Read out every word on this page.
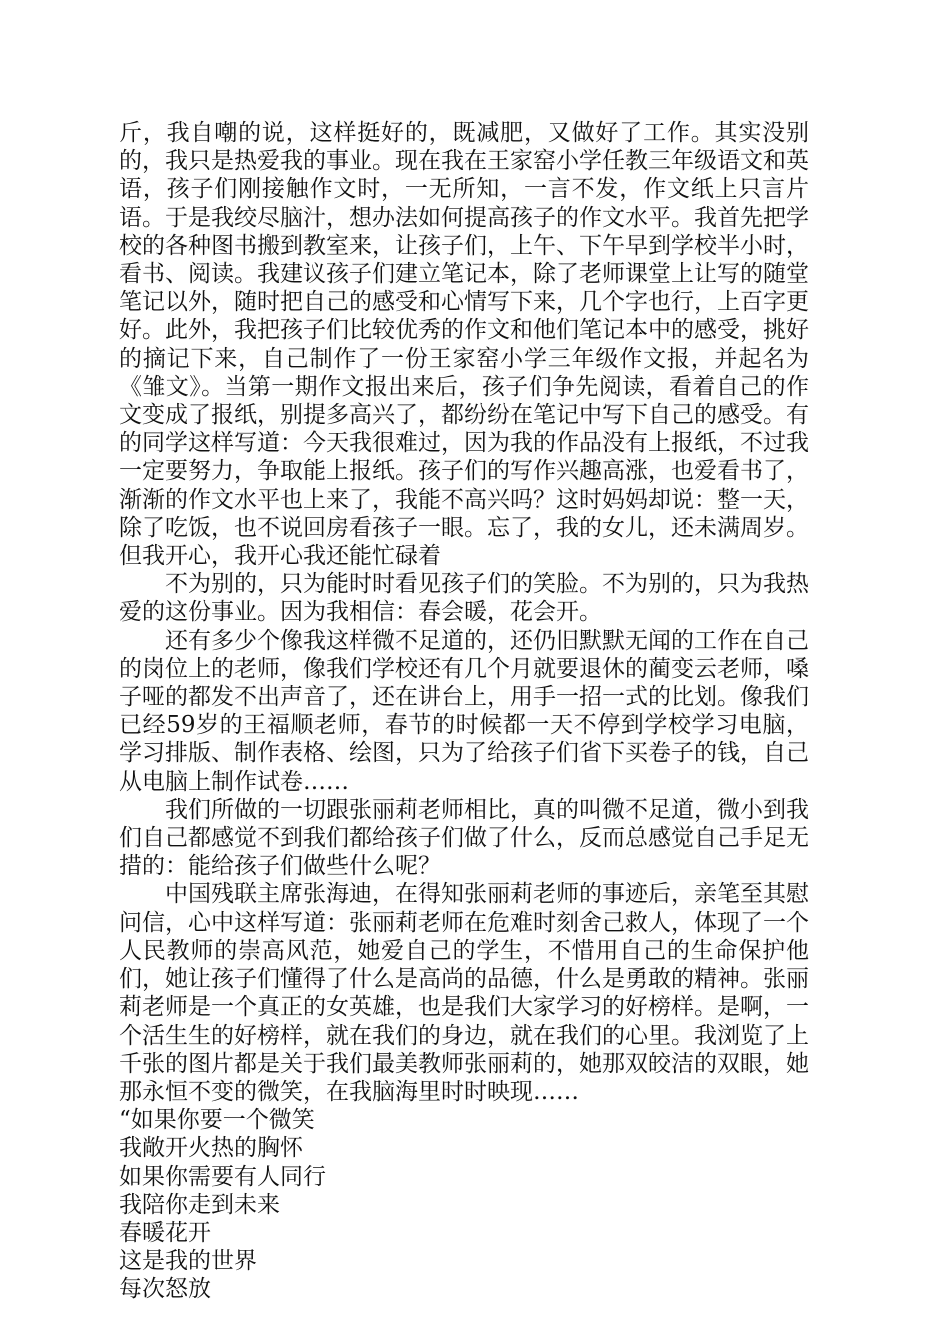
斤，我自嘲的说，这样挺好的，既减肥，又做好了工作。其实没别的，我只是热爱我的事业。现在我在王家窑小学任教三年级语文和英语，孩子们刚接触作文时，一无所知，一言不发，作文纸上只言片语。于是我绞尽脑汁，想办法如何提高孩子的作文水平。我首先把学校的各种图书搬到教室来，让孩子们，上午、下午早到学校半小时，看书、阅读。我建议孩子们建立笔记本，除了老师课堂上让写的随堂笔记以外，随时把自己的感受和心情写下来，几个字也行，上百字更好。此外，我把孩子们比较优秀的作文和他们笔记本中的感受，挑好的摘记下来，自己制作了一份王家窑小学三年级作文报，并起名为《雏文》。当第一期作文报出来后，孩子们争先阅读，看着自己的作文变成了报纸，别提多高兴了，都纷纷在笔记中写下自己的感受。有的同学这样写道：今天我很难过，因为我的作品没有上报纸，不过我一定要努力，争取能上报纸。孩子们的写作兴趣高涨，也爱看书了，渐渐的作文水平也上来了，我能不高兴吗？这时妈妈却说：整一天，除了吃饭，也不说回房看孩子一眼。忘了，我的女儿，还未满周岁。但我开心，我开心我还能忙碌着

不为别的，只为能时时看见孩子们的笑脸。不为别的，只为我热爱的这份事业。因为我相信：春会暖，花会开。

还有多少个像我这样微不足道的，还仍旧默默无闻的工作在自己的岗位上的老师，像我们学校还有几个月就要退休的蔺变云老师，嗓子哑的都发不出声音了，还在讲台上，用手一招一式的比划。像我们已经59岁的王福顺老师，春节的时候都一天不停到学校学习电脑，学习排版、制作表格、绘图，只为了给孩子们省下买卷子的钱，自己从电脑上制作试卷……

我们所做的一切跟张丽莉老师相比，真的叫微不足道，微小到我们自己都感觉不到我们都给孩子们做了什么，反而总感觉自己手足无措的：能给孩子们做些什么呢？

中国残联主席张海迪，在得知张丽莉老师的事迹后，亲笔至其慰问信，心中这样写道：张丽莉老师在危难时刻舍己救人，体现了一个人民教师的崇高风范，她爱自己的学生，不惜用自己的生命保护他们，她让孩子们懂得了什么是高尚的品德，什么是勇敢的精神。张丽莉老师是一个真正的女英雄，也是我们大家学习的好榜样。是啊，一个活生生的好榜样，就在我们的身边，就在我们的心里。我浏览了上千张的图片都是关于我们最美教师张丽莉的，她那双皎洁的双眼，她那永恒不变的微笑，在我脑海里时时映现……

“如果你要一个微笑
我敞开火热的胸怀
如果你需要有人同行
我陪你走到未来
春暖花开
这是我的世界
每次怒放
